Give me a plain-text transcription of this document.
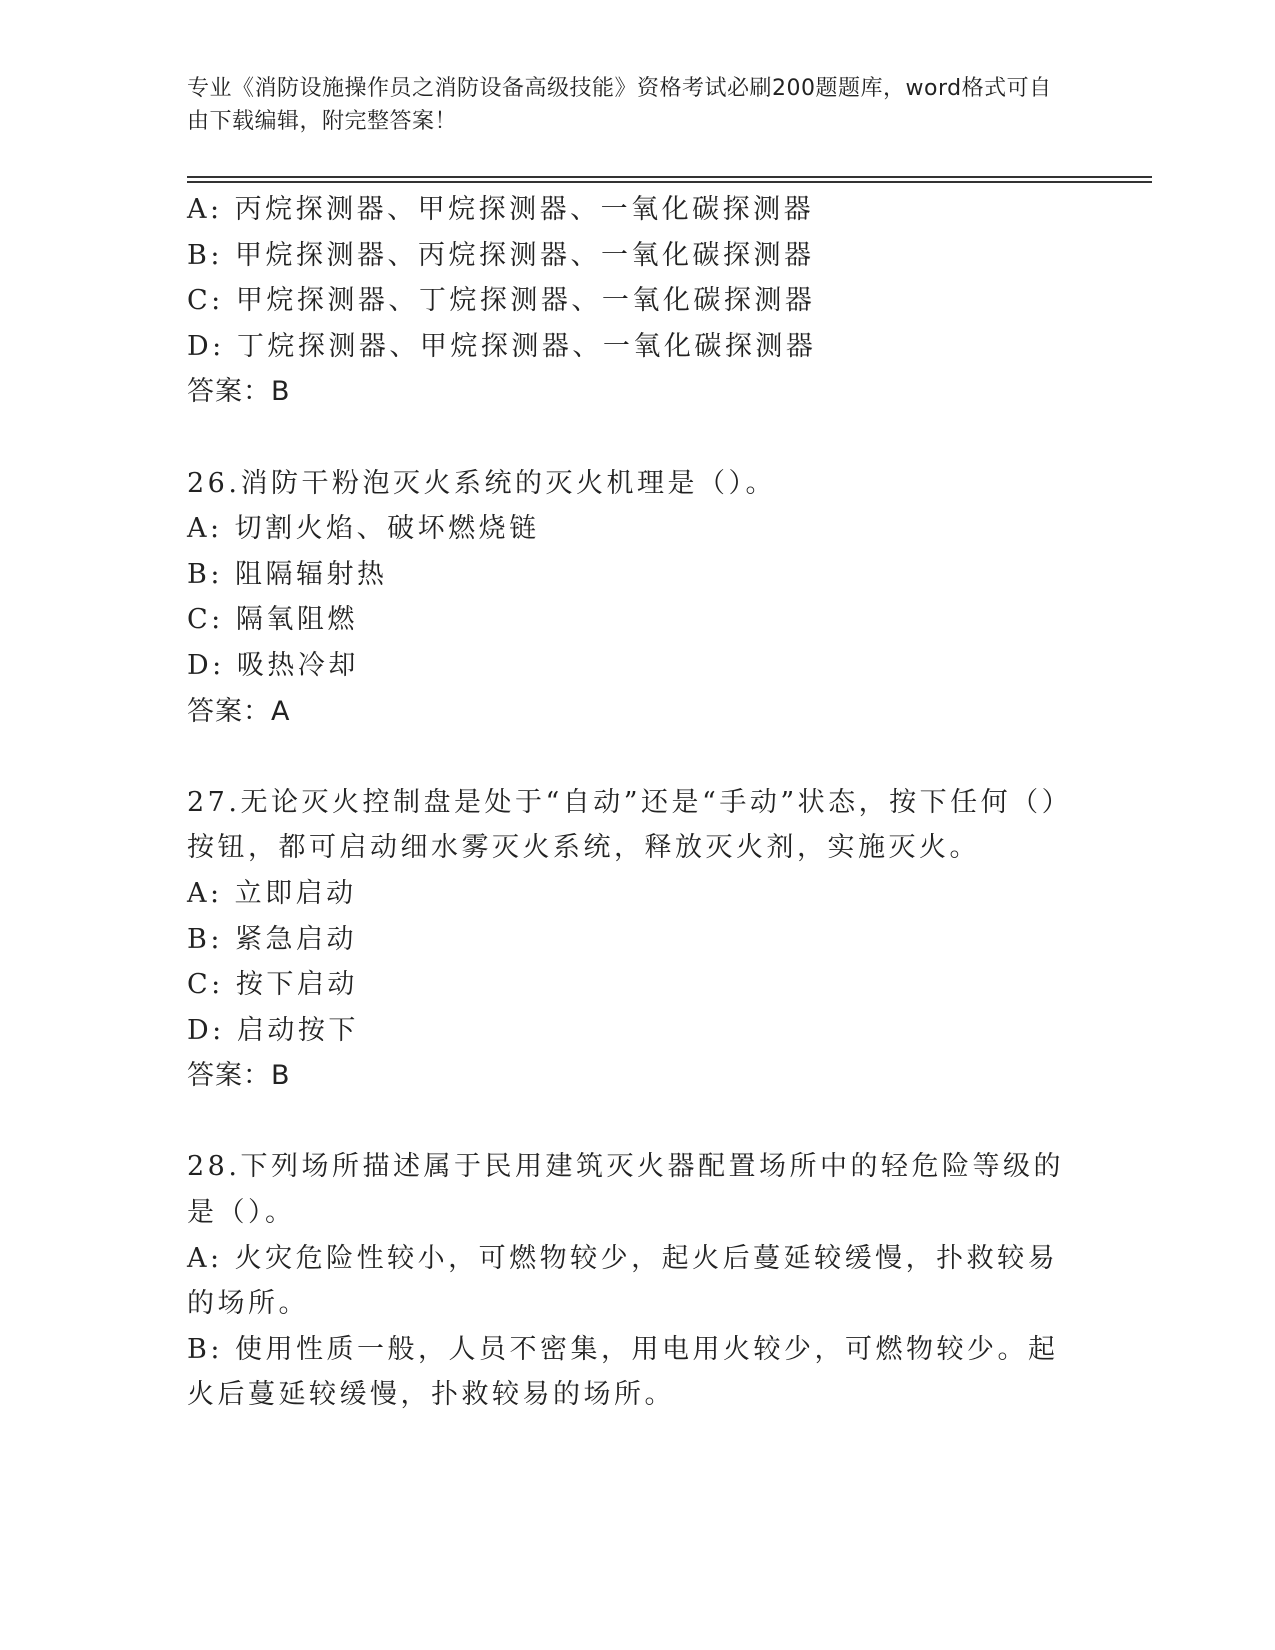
专业《消防设施操作员之消防设备高级技能》资格考试必刷200题题库，word格式可自由下载编辑，附完整答案！

A: 丙烷探测器、甲烷探测器、一氧化碳探测器

B: 甲烷探测器、丙烷探测器、一氧化碳探测器

C: 甲烷探测器、丁烷探测器、一氧化碳探测器

D: 丁烷探测器、甲烷探测器、一氧化碳探测器

答案：B

26.消防干粉泡灭火系统的灭火机理是（）。

A: 切割火焰、破坏燃烧链

B: 阻隔辐射热

C: 隔氧阻燃

D: 吸热冷却

答案：A

27.无论灭火控制盘是处于“自动”还是“手动”状态，按下任何（）按钮，都可启动细水雾灭火系统，释放灭火剂，实施灭火。

A: 立即启动

B: 紧急启动

C: 按下启动

D: 启动按下

答案：B

28.下列场所描述属于民用建筑灭火器配置场所中的轻危险等级的是（）。

A: 火灾危险性较小，可燃物较少，起火后蔓延较缓慢，扑救较易的场所。

B: 使用性质一般，人员不密集，用电用火较少，可燃物较少。起火后蔓延较缓慢，扑救较易的场所。
